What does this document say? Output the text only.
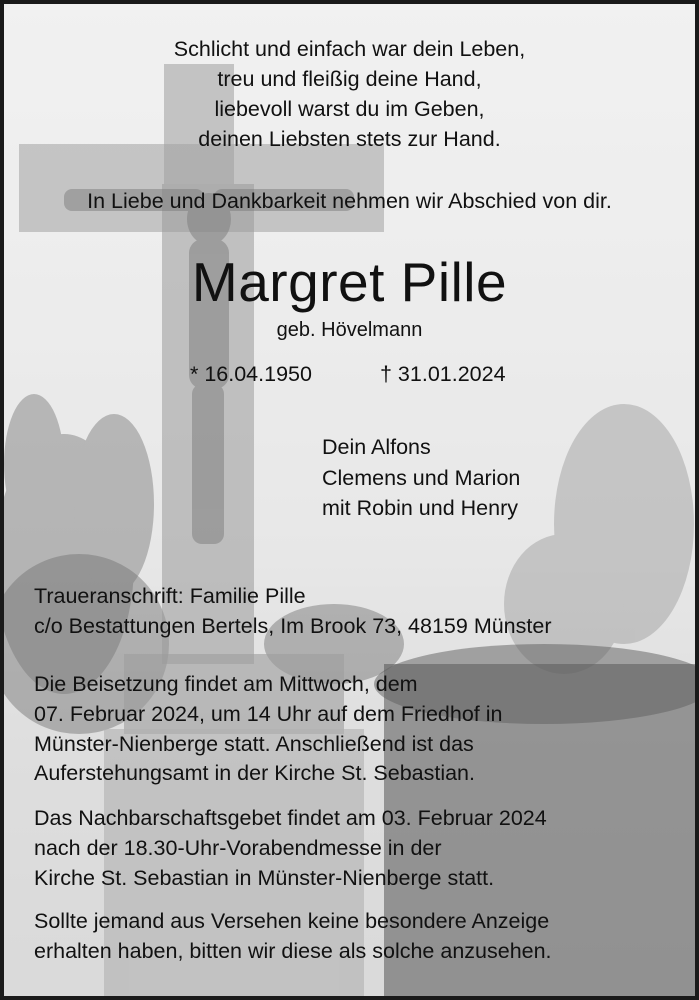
Schlicht und einfach war dein Leben,
treu und fleißig deine Hand,
liebevoll warst du im Geben,
deinen Liebsten stets zur Hand.
In Liebe und Dankbarkeit nehmen wir Abschied von dir.
Margret Pille
geb. Hövelmann
* 16.04.1950	† 31.01.2024
Dein Alfons
Clemens und Marion
mit Robin und Henry
Traueranschrift: Familie Pille
c/o Bestattungen Bertels, Im Brook 73, 48159 Münster
Die Beisetzung findet am Mittwoch, dem
07. Februar 2024, um 14 Uhr auf dem Friedhof in
Münster-Nienberge statt. Anschließend ist das
Auferstehungsamt in der Kirche St. Sebastian.
Das Nachbarschaftsgebet findet am 03. Februar 2024
nach der 18.30-Uhr-Vorabendmesse in der
Kirche St. Sebastian in Münster-Nienberge statt.
Sollte jemand aus Versehen keine besondere Anzeige
erhalten haben, bitten wir diese als solche anzusehen.
